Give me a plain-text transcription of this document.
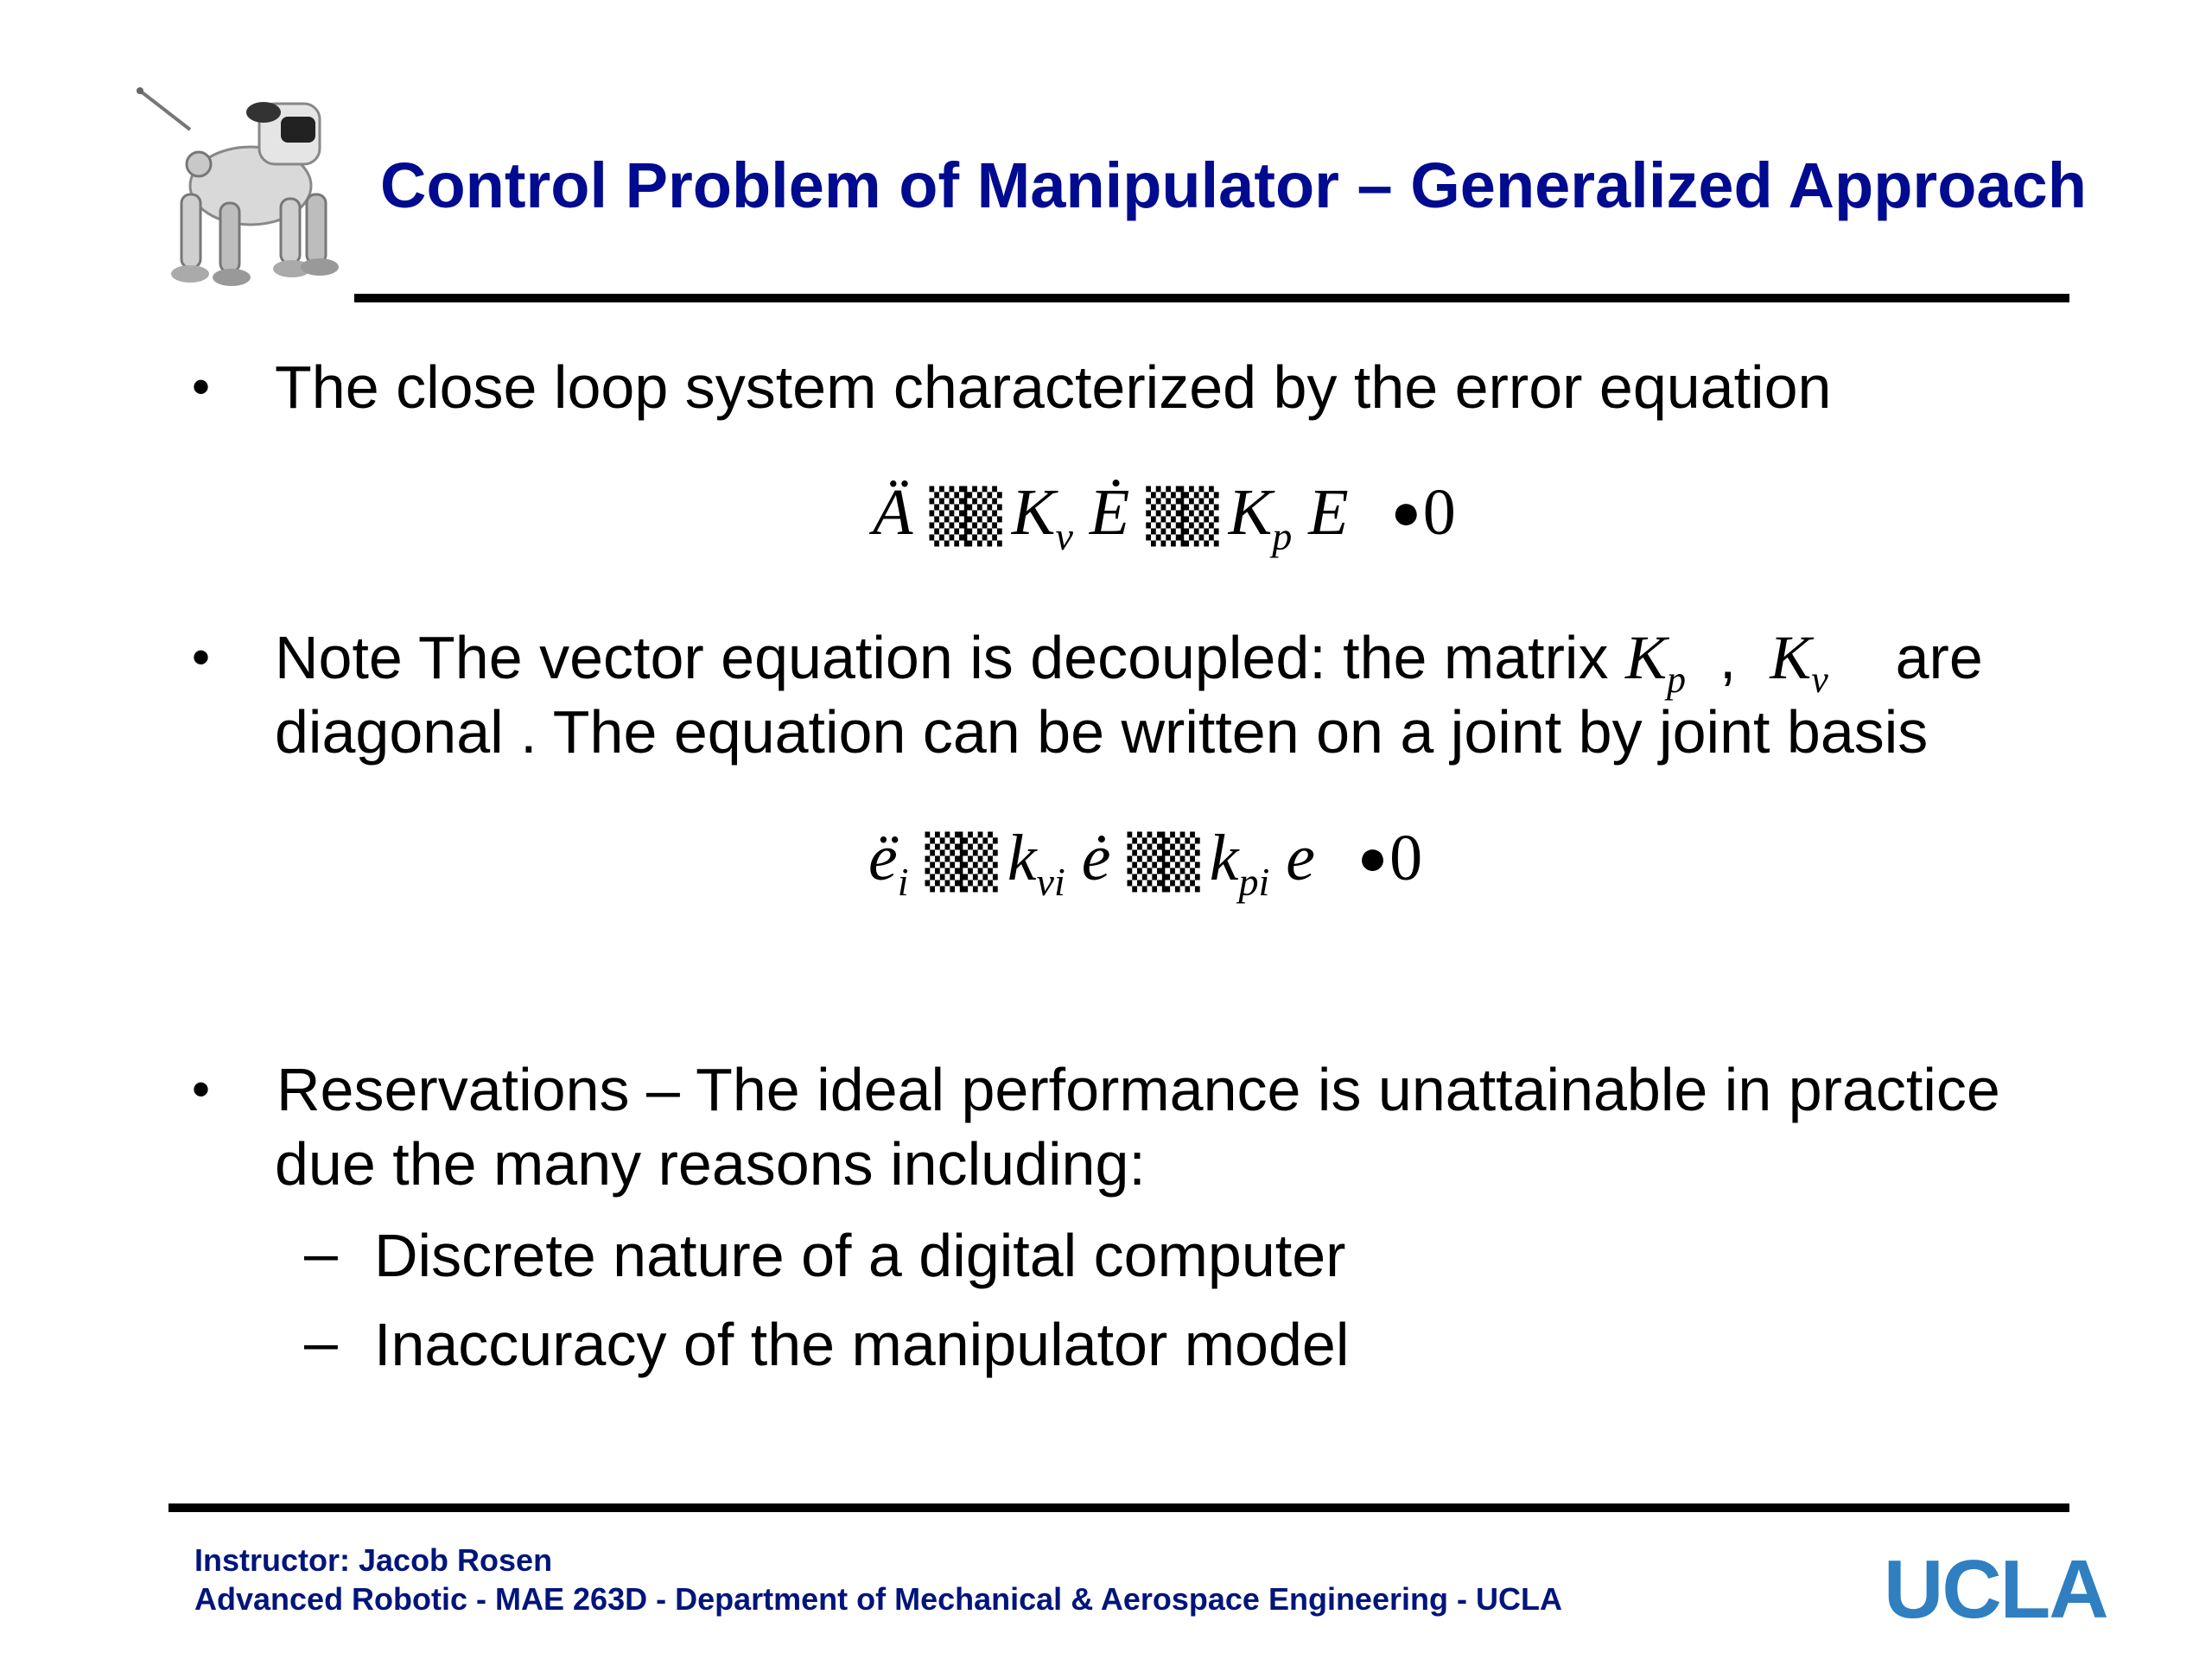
Control Problem of Manipulator – Generalized Approach
• The close loop system characterized by the error equation
Ä ▒▒ $K_v$ Ė ▒▒ $K_p$ E ●0
• Note The vector equation is decoupled: the matrix $K_p$ , $K_v$ are
diagonal . The equation can be written on a joint by joint basis
$ë_i$ ▒▒ $k_{vi}$ ė ▒▒ $k_{pi}$ e ●0
• Reservations – The ideal performance is unattainable in practice
due the many reasons including:
– Discrete nature of a digital computer
– Inaccuracy of the manipulator model
Instructor: Jacob Rosen
Advanced Robotic - MAE 263D - Department of Mechanical & Aerospace Engineering - UCLA	UCLA
